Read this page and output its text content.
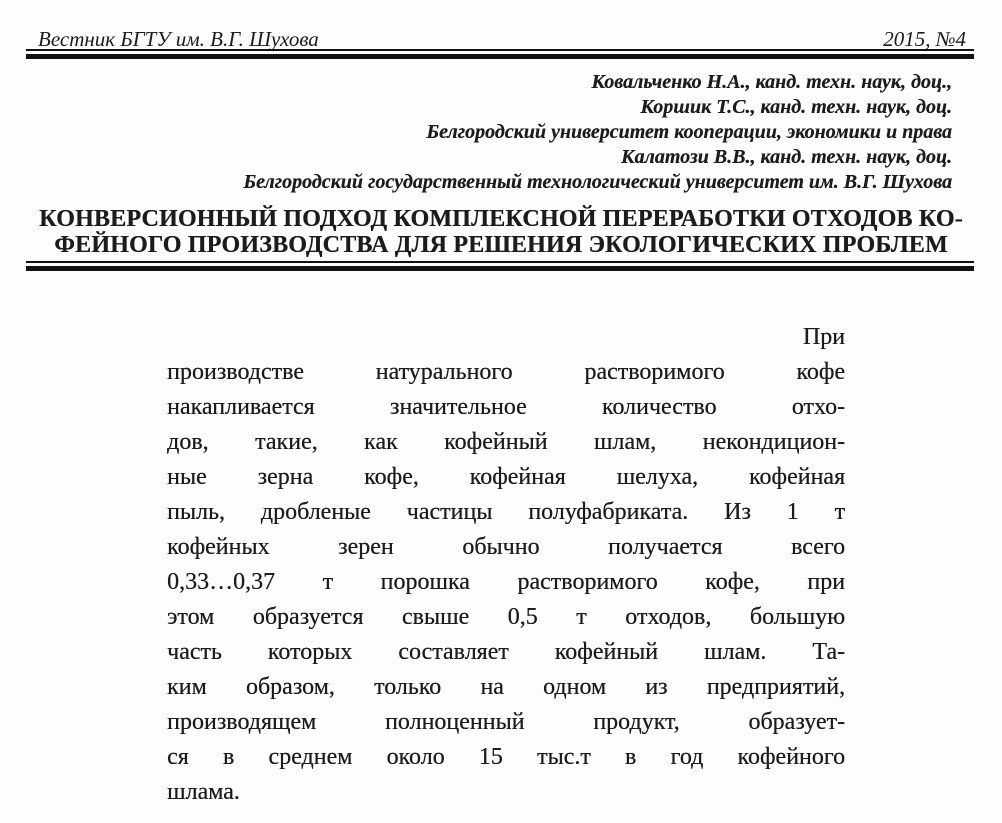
Вестник БГТУ им. В.Г. Шухова	2015, №4
Ковальченко Н.А., канд. техн. наук, доц.,
Коршик Т.С., канд. техн. наук, доц.
Белгородский университет кооперации, экономики и права
Калатози В.В., канд. техн. наук, доц.
Белгородский государственный технологический университет им. В.Г. Шухова
КОНВЕРСИОННЫЙ ПОДХОД КОМПЛЕКСНОЙ ПЕРЕРАБОТКИ ОТХОДОВ КО-
ФЕЙНОГО ПРОИЗВОДСТВА ДЛЯ РЕШЕНИЯ ЭКОЛОГИЧЕСКИХ ПРОБЛЕМ
При
производстве натурального растворимого кофе
накапливается значительное количество отхо-
дов, такие, как кофейный шлам, некондицион-
ные зерна кофе, кофейная шелуха, кофейная
пыль, дробленые частицы полуфабриката. Из 1 т
кофейных зерен обычно получается всего
0,33…0,37 т порошка растворимого кофе, при
этом образуется свыше 0,5 т отходов, большую
часть которых составляет кофейный шлам. Та-
ким образом, только на одном из предприятий,
производящем полноценный продукт, образует-
ся в среднем около 15 тыс.т в год кофейного
шлама.
